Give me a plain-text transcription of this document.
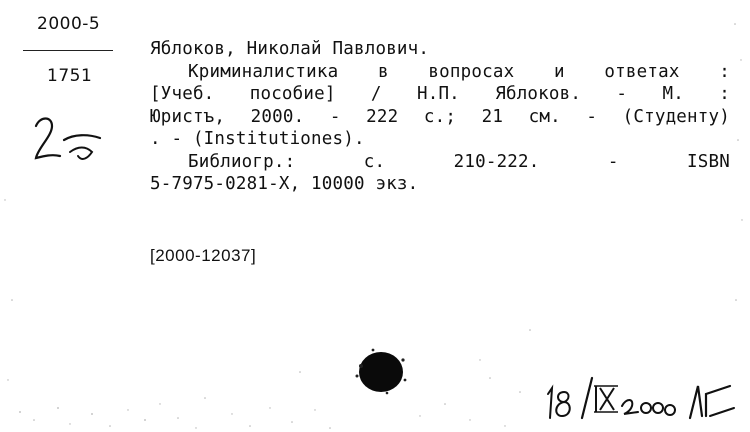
2000-5
1751
Яблоков, Николай Павлович.
Криминалистика в вопросах и ответах :
[Учеб. пособие] / Н.П. Яблоков. - М. :
Юристъ, 2000. - 222 с.; 21 см. - (Студенту)
. - (Institutiones).
Библиогр.: с. 210-222. - ISBN
5-7975-0281-Х, 10000 экз.
[2000-12037]
